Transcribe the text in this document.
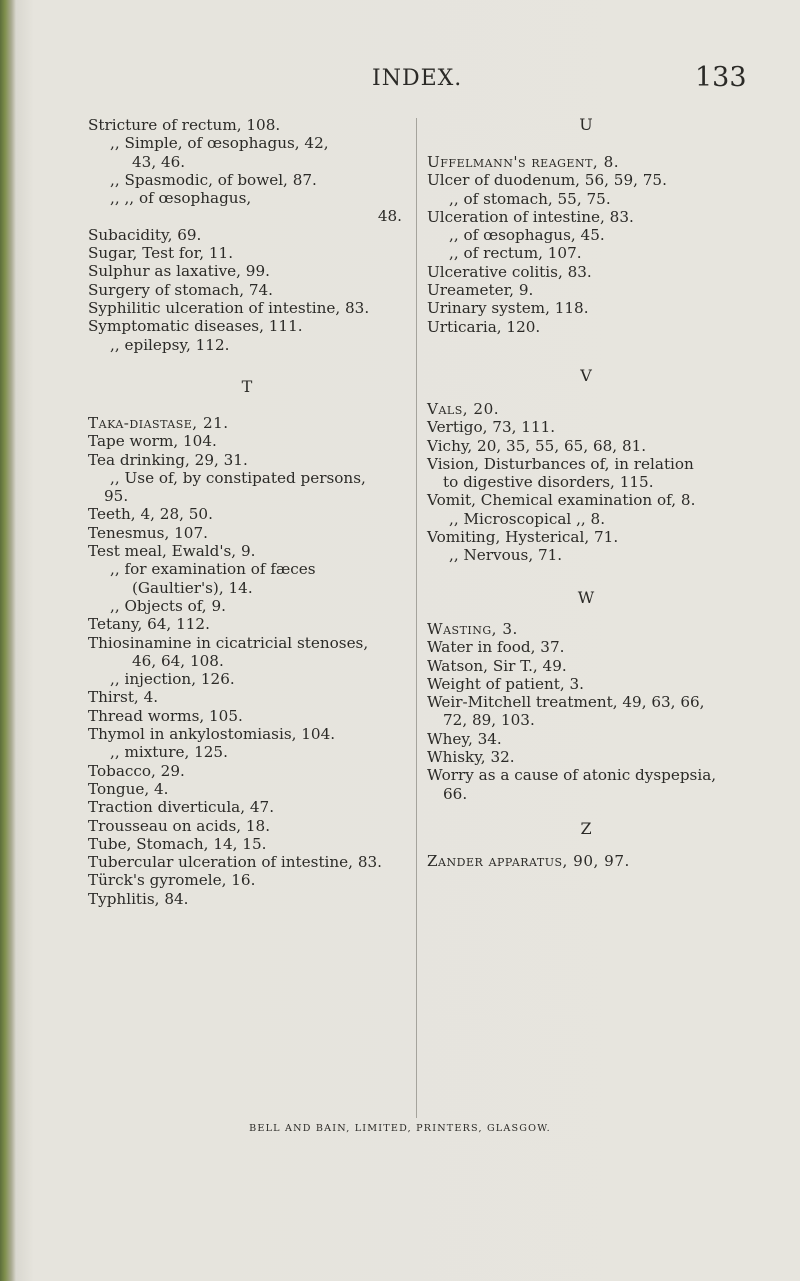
INDEX.	133
Stricture of rectum, 108.
,, Simple, of œsophagus, 42,
43, 46.
,, Spasmodic, of bowel, 87.
,, ,, of œsophagus,
48.
Subacidity, 69.
Sugar, Test for, 11.
Sulphur as laxative, 99.
Surgery of stomach, 74.
Syphilitic ulceration of intestine, 83.
Symptomatic diseases, 111.
,, epilepsy, 112.
T
Taka-diastase, 21.
Tape worm, 104.
Tea drinking, 29, 31.
,, Use of, by constipated persons,
95.
Teeth, 4, 28, 50.
Tenesmus, 107.
Test meal, Ewald's, 9.
,, for examination of fæces
(Gaultier's), 14.
,, Objects of, 9.
Tetany, 64, 112.
Thiosinamine in cicatricial stenoses,
46, 64, 108.
,, injection, 126.
Thirst, 4.
Thread worms, 105.
Thymol in ankylostomiasis, 104.
,, mixture, 125.
Tobacco, 29.
Tongue, 4.
Traction diverticula, 47.
Trousseau on acids, 18.
Tube, Stomach, 14, 15.
Tubercular ulceration of intestine, 83.
Türck's gyromele, 16.
Typhlitis, 84.
U
Uffelmann's reagent, 8.
Ulcer of duodenum, 56, 59, 75.
,, of stomach, 55, 75.
Ulceration of intestine, 83.
,, of œsophagus, 45.
,, of rectum, 107.
Ulcerative colitis, 83.
Ureameter, 9.
Urinary system, 118.
Urticaria, 120.
V
Vals, 20.
Vertigo, 73, 111.
Vichy, 20, 35, 55, 65, 68, 81.
Vision, Disturbances of, in relation
to digestive disorders, 115.
Vomit, Chemical examination of, 8.
,, Microscopical ,, 8.
Vomiting, Hysterical, 71.
,, Nervous, 71.
W
Wasting, 3.
Water in food, 37.
Watson, Sir T., 49.
Weight of patient, 3.
Weir-Mitchell treatment, 49, 63, 66,
72, 89, 103.
Whey, 34.
Whisky, 32.
Worry as a cause of atonic dyspepsia,
66.
Z
Zander apparatus, 90, 97.
BELL AND BAIN, LIMITED, PRINTERS, GLASGOW.
